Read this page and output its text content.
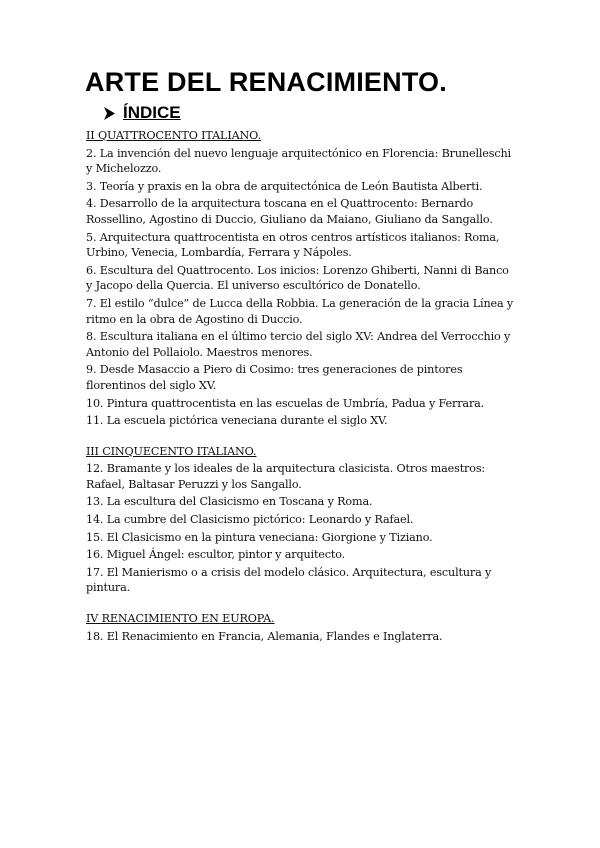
ARTE DEL RENACIMIENTO.
ÍNDICE

II QUATTROCENTO ITALIANO.

2. La invención del nuevo lenguaje arquitectónico en Florencia: Brunelleschi y Michelozzo.

3. Teoría y praxis en la obra de arquitectónica de León Bautista Alberti.

4. Desarrollo de la arquitectura toscana en el Quattrocento: Bernardo Rossellino, Agostino di Duccio, Giuliano da Maiano, Giuliano da Sangallo.

5. Arquitectura quattrocentista en otros centros artísticos italianos: Roma, Urbino, Venecia, Lombardía, Ferrara y Nápoles.

6. Escultura del Quattrocento. Los inicios: Lorenzo Ghiberti, Nanni di Banco y Jacopo della Quercia. El universo escultórico de Donatello.

7. El estilo “dulce” de Lucca della Robbia. La generación de la gracia Línea y ritmo en la obra de Agostino di Duccio.

8. Escultura italiana en el último tercio del siglo XV: Andrea del Verrocchio y Antonio del Pollaiolo. Maestros menores.

9. Desde Masaccio a Piero di Cosimo: tres generaciones de pintores florentinos del siglo XV.

10. Pintura quattrocentista en las escuelas de Umbría, Padua y Ferrara.

11. La escuela pictórica veneciana durante el siglo XV.

III CINQUECENTO ITALIANO.

12. Bramante y los ideales de la arquitectura clasicista. Otros maestros: Rafael, Baltasar Peruzzi y los Sangallo.

13. La escultura del Clasicismo en Toscana y Roma.

14. La cumbre del Clasicismo pictórico: Leonardo y Rafael.

15. El Clasicismo en la pintura veneciana: Giorgione y Tiziano.

16. Miguel Ángel: escultor, pintor y arquitecto.

17. El Manierismo o a crisis del modelo clásico. Arquitectura, escultura y pintura.

IV RENACIMIENTO EN EUROPA.

18. El Renacimiento en Francia, Alemania, Flandes e Inglaterra.
